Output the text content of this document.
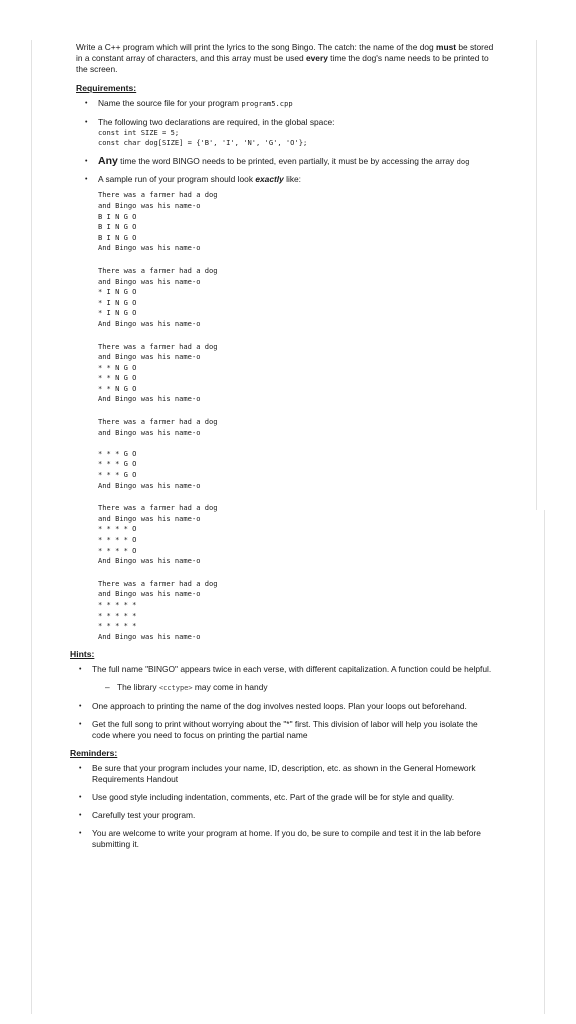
Write a C++ program which will print the lyrics to the song Bingo. The catch: the name of the dog must be stored in a constant array of characters, and this array must be used every time the dog's name needs to be printed to the screen.

Requirements:
• Name the source file for your program program5.cpp
• The following two declarations are required, in the global space:
const int SIZE = 5;
const char dog[SIZE] = {'B', 'I', 'N', 'G', 'O'};
• Any time the word BINGO needs to be printed, even partially, it must be by accessing the array dog
• A sample run of your program should look exactly like:
There was a farmer had a dog
and Bingo was his name-o
B I N G O
B I N G O
B I N G O
And Bingo was his name-o
There was a farmer had a dog
and Bingo was his name-o
* I N G O
* I N G O
* I N G O
And Bingo was his name-o
There was a farmer had a dog
and Bingo was his name-o
* * N G O
* * N G O
* * N G O
And Bingo was his name-o
There was a farmer had a dog
and Bingo was his name-o
* * * G O
* * * G O
* * * G O
And Bingo was his name-o
There was a farmer had a dog
and Bingo was his name-o
* * * * O
* * * * O
* * * * O
And Bingo was his name-o
There was a farmer had a dog
and Bingo was his name-o
* * * * *
* * * * *
* * * * *
And Bingo was his name-o
Hints:
• The full name "BINGO" appears twice in each verse, with different capitalization. A function could be helpful.
– The library <cctype> may come in handy
• One approach to printing the name of the dog involves nested loops. Plan your loops out beforehand.
• Get the full song to print without worrying about the "*" first. This division of labor will help you isolate the code where you need to focus on printing the partial name
Reminders:
• Be sure that your program includes your name, ID, description, etc. as shown in the General Homework Requirements Handout
• Use good style including indentation, comments, etc. Part of the grade will be for style and quality.
• Carefully test your program.
• You are welcome to write your program at home. If you do, be sure to compile and test it in the lab before submitting it.
